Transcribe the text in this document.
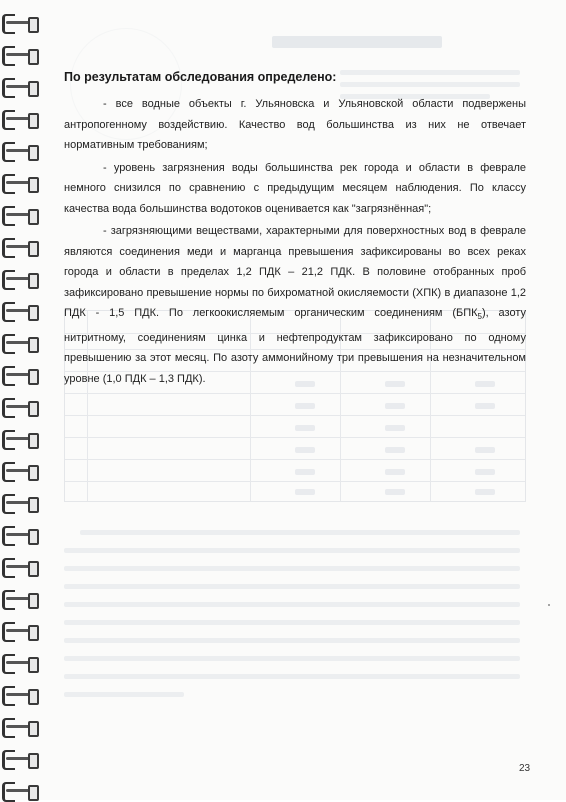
По результатам обследования определено:

- все водные объекты г. Ульяновска и Ульяновской области подвержены антропогенному воздействию. Качество вод большинства из них не отвечает нормативным требованиям;

- уровень загрязнения воды большинства рек города и области в феврале немного снизился по сравнению с предыдущим месяцем наблюдения. По классу качества вода большинства водотоков оценивается как "загрязнённая";

- загрязняющими веществами, характерными для поверхностных вод в феврале являются соединения меди и марганца превышения зафиксированы во всех реках города и области в пределах 1,2 ПДК – 21,2 ПДК. В половине отобранных проб зафиксировано превышение нормы по бихроматной окисляемости (ХПК) в диапазоне 1,2 ПДК - 1,5 ПДК. По легкоокисляемым органическим соединениям $(БПК_5)$, азоту нитритному, соединениям цинка и нефтепродуктам зафиксировано по одному превышению за этот месяц. По азоту аммонийному три превышения на незначительном уровне (1,0 ПДК – 1,3 ПДК).

23
